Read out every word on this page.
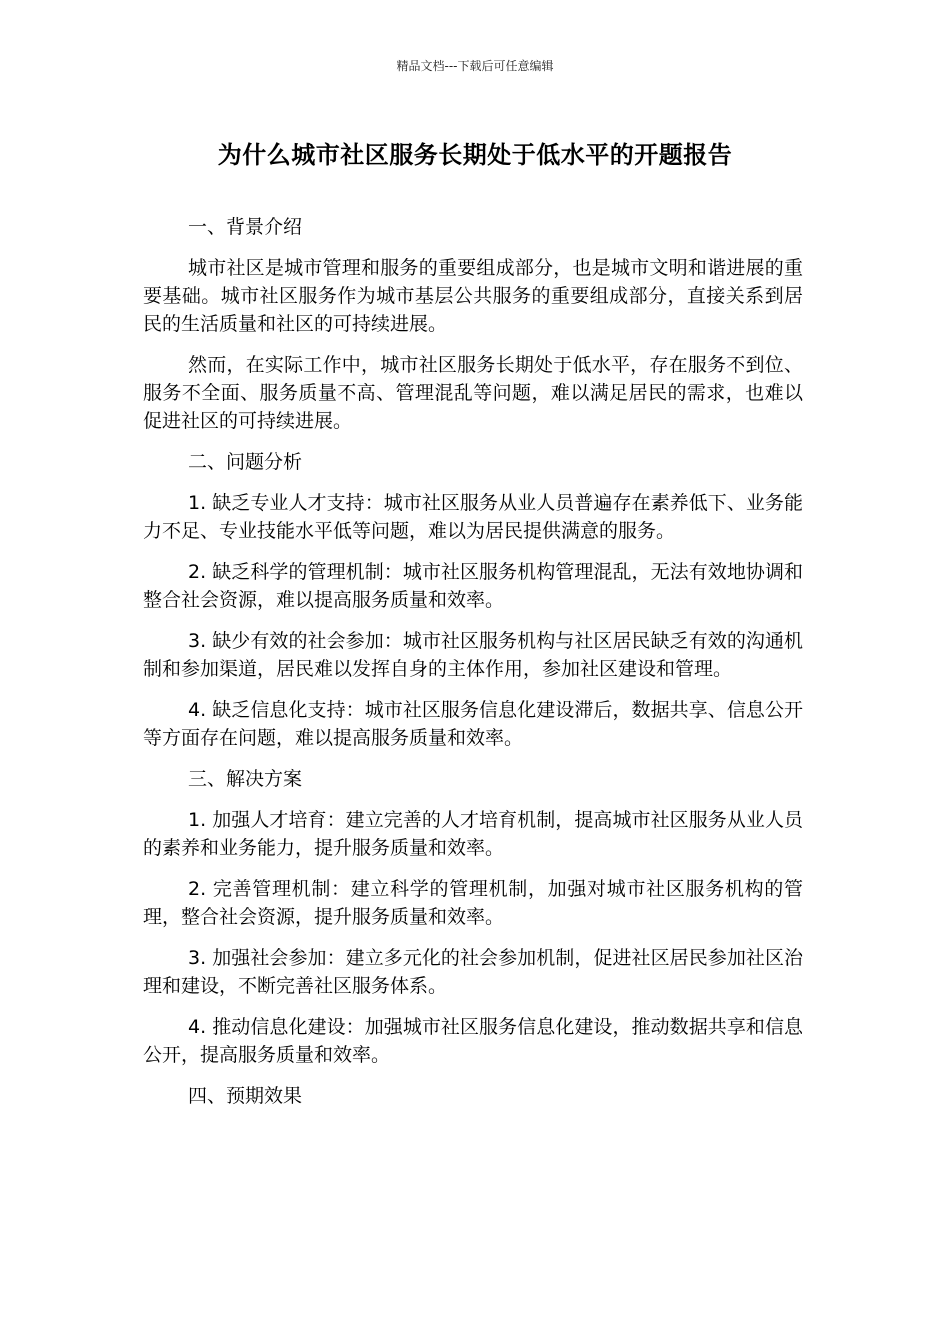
精品文档---下载后可任意编辑
为什么城市社区服务长期处于低水平的开题报告

一、背景介绍

城市社区是城市管理和服务的重要组成部分，也是城市文明和谐进展的重要基础。城市社区服务作为城市基层公共服务的重要组成部分，直接关系到居民的生活质量和社区的可持续进展。

然而，在实际工作中，城市社区服务长期处于低水平，存在服务不到位、服务不全面、服务质量不高、管理混乱等问题，难以满足居民的需求，也难以促进社区的可持续进展。

二、问题分析

1. 缺乏专业人才支持：城市社区服务从业人员普遍存在素养低下、业务能力不足、专业技能水平低等问题，难以为居民提供满意的服务。

2. 缺乏科学的管理机制：城市社区服务机构管理混乱，无法有效地协调和整合社会资源，难以提高服务质量和效率。

3. 缺少有效的社会参加：城市社区服务机构与社区居民缺乏有效的沟通机制和参加渠道，居民难以发挥自身的主体作用，参加社区建设和管理。

4. 缺乏信息化支持：城市社区服务信息化建设滞后，数据共享、信息公开等方面存在问题，难以提高服务质量和效率。

三、解决方案

1. 加强人才培育：建立完善的人才培育机制，提高城市社区服务从业人员的素养和业务能力，提升服务质量和效率。

2. 完善管理机制：建立科学的管理机制，加强对城市社区服务机构的管理，整合社会资源，提升服务质量和效率。

3. 加强社会参加：建立多元化的社会参加机制，促进社区居民参加社区治理和建设，不断完善社区服务体系。

4. 推动信息化建设：加强城市社区服务信息化建设，推动数据共享和信息公开，提高服务质量和效率。

四、预期效果
